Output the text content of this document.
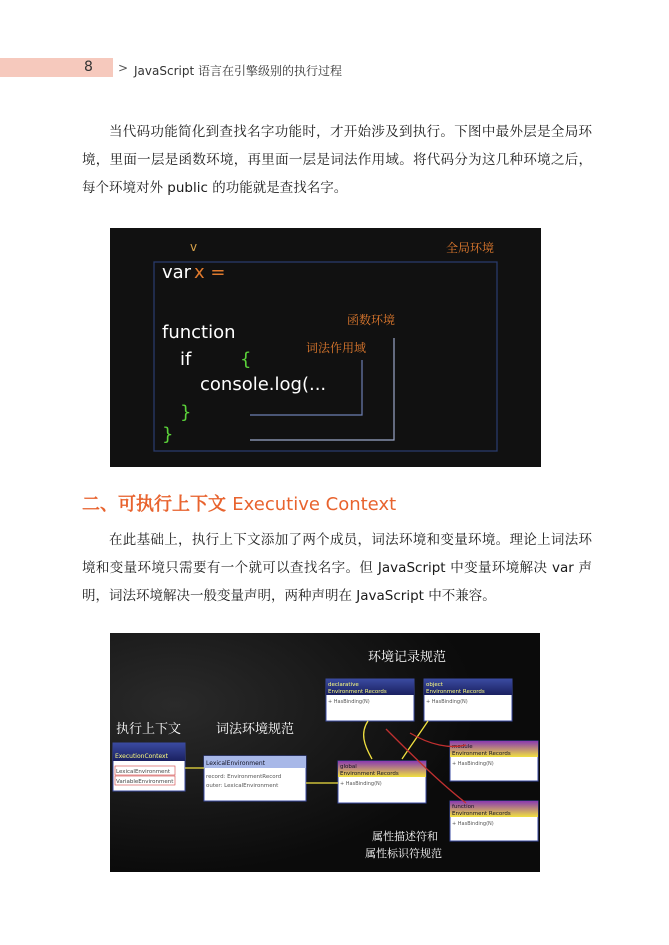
8 > JavaScript 语言在引擎级别的执行过程
当代码功能简化到查找名字功能时，才开始涉及到执行。下图中最外层是全局环境，里面一层是函数环境，再里面一层是词法作用域。将代码分为这几种环境之后，每个环境对外 public 的功能就是查找名字。
v	全局环境
函数环境
词法作用域
var x =
function
if	{
console.log(...
}
}
二、可执行上下文 Executive Context
在此基础上，执行上下文添加了两个成员，词法环境和变量环境。理论上词法环境和变量环境只需要有一个就可以查找名字。但 JavaScript 中变量环境解决 var 声明，词法环境解决一般变量声明，两种声明在 JavaScript 中不兼容。
环境记录规范
执行上下文	词法环境规范
属性描述符和
属性标识符规范
ExecutionContext
LexicalEnvironment
VariableEnvironment
LexicalEnvironment
record: EnvironmentRecord
outer: LexicalEnvironment
declarative
Environment Records
+ HasBinding(N)
object
Environment Records
+ HasBinding(N)
global
Environment Records
+ HasBinding(N)
module
Environment Records
+ HasBinding(N)
function
Environment Records
+ HasBinding(N)
